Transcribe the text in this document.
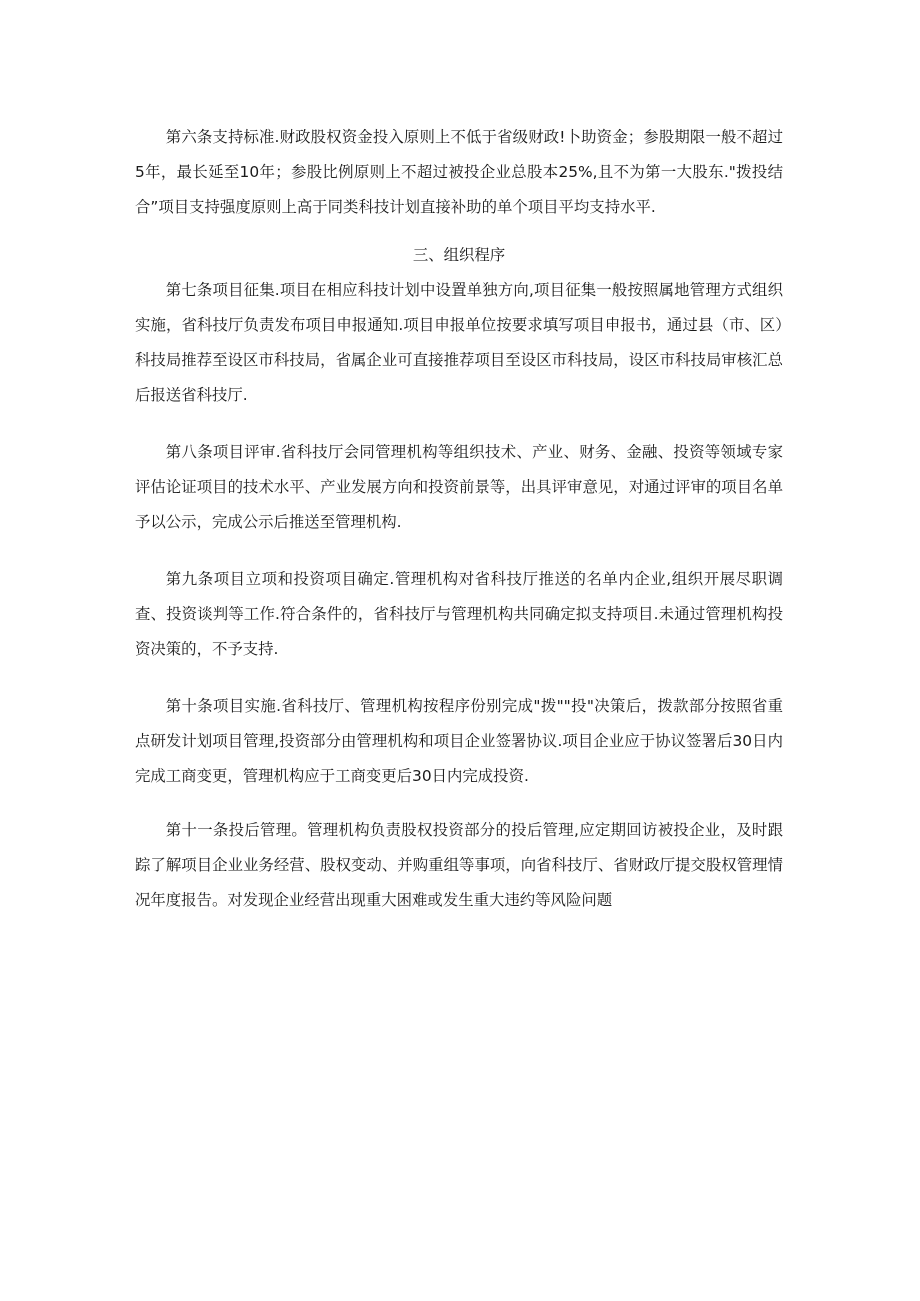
第六条支持标准.财政股权资金投入原则上不低于省级财政!卜助资金；参股期限一般不超过5年，最长延至10年；参股比例原则上不超过被投企业总股本25%,且不为第一大股东."拨投结合”项目支持强度原则上高于同类科技计划直接补助的单个项目平均支持水平.

三、组织程序

第七条项目征集.项目在相应科技计划中设置单独方向,项目征集一般按照属地管理方式组织实施，省科技厅负责发布项目申报通知.项目申报单位按要求填写项目申报书，通过县（市、区）科技局推荐至设区市科技局，省属企业可直接推荐项目至设区市科技局，设区市科技局审核汇总后报送省科技厅.

第八条项目评审.省科技厅会同管理机构等组织技术、产业、财务、金融、投资等领域专家评估论证项目的技术水平、产业发展方向和投资前景等，出具评审意见，对通过评审的项目名单予以公示，完成公示后推送至管理机构.

第九条项目立项和投资项目确定.管理机构对省科技厅推送的名单内企业,组织开展尽职调查、投资谈判等工作.符合条件的，省科技厅与管理机构共同确定拟支持项目.未通过管理机构投资决策的，不予支持.

第十条项目实施.省科技厅、管理机构按程序份别完成"拨""投"决策后，拨款部分按照省重点研发计划项目管理,投资部分由管理机构和项目企业签署协议.项目企业应于协议签署后30日内完成工商变更，管理机构应于工商变更后30日内完成投资.

第十一条投后管理。管理机构负责股权投资部分的投后管理,应定期回访被投企业，及时跟踪了解项目企业业务经营、股权变动、并购重组等事项，向省科技厅、省财政厅提交股权管理情况年度报告。对发现企业经营出现重大困难或发生重大违约等风险问题
